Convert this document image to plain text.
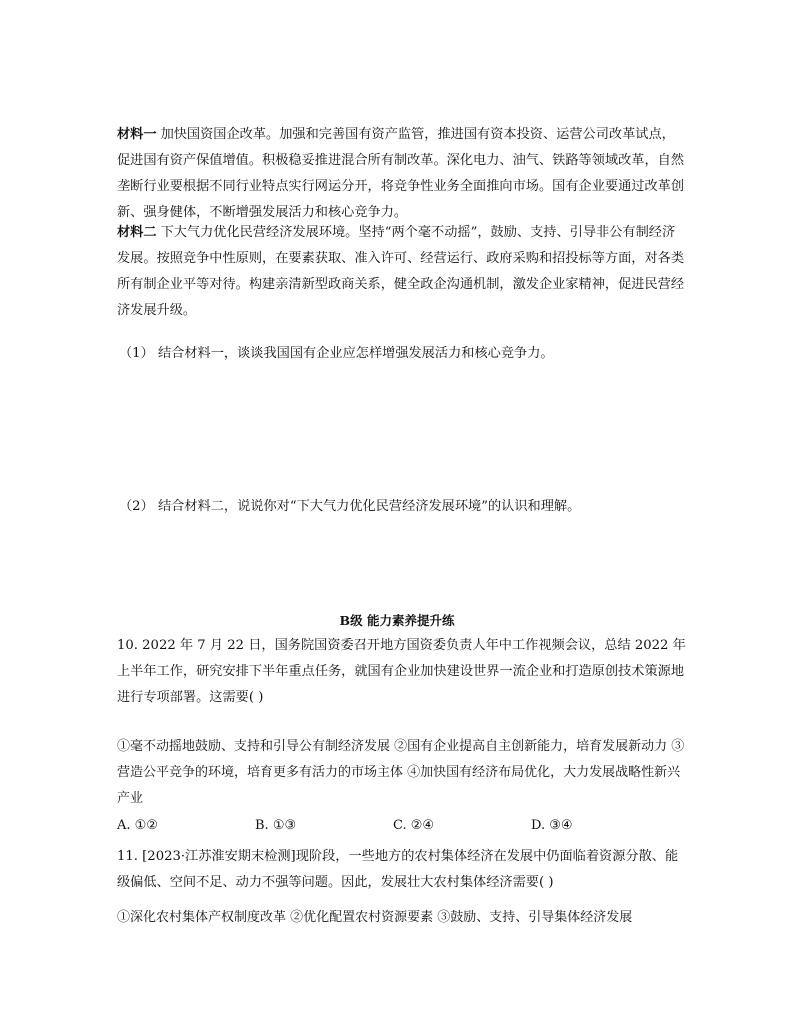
材料一 加快国资国企改革。加强和完善国有资产监管，推进国有资本投资、运营公司改革试点，促进国有资产保值增值。积极稳妥推进混合所有制改革。深化电力、油气、铁路等领域改革，自然垄断行业要根据不同行业特点实行网运分开，将竞争性业务全面推向市场。国有企业要通过改革创新、强身健体，不断增强发展活力和核心竞争力。
材料二 下大气力优化民营经济发展环境。坚持“两个毫不动摇”，鼓励、支持、引导非公有制经济发展。按照竞争中性原则，在要素获取、准入许可、经营运行、政府采购和招投标等方面，对各类所有制企业平等对待。构建亲清新型政商关系，健全政企沟通机制，激发企业家精神，促进民营经济发展升级。
（1） 结合材料一，谈谈我国国有企业应怎样增强发展活力和核心竞争力。
（2） 结合材料二，说说你对“下大气力优化民营经济发展环境”的认识和理解。
B级 能力素养提升练
10. 2022 年 7 月 22 日，国务院国资委召开地方国资委负责人年中工作视频会议，总结 2022 年上半年工作，研究安排下半年重点任务，就国有企业加快建设世界一流企业和打造原创技术策源地进行专项部署。这需要( )
①毫不动摇地鼓励、支持和引导公有制经济发展 ②国有企业提高自主创新能力，培育发展新动力 ③营造公平竞争的环境，培育更多有活力的市场主体 ④加快国有经济布局优化，大力发展战略性新兴产业
A. ①②	B. ①③	C. ②④	D. ③④
11. [2023·江苏淮安期末检测]现阶段，一些地方的农村集体经济在发展中仍面临着资源分散、能级偏低、空间不足、动力不强等问题。因此，发展壮大农村集体经济需要( )
①深化农村集体产权制度改革 ②优化配置农村资源要素 ③鼓励、支持、引导集体经济发展
